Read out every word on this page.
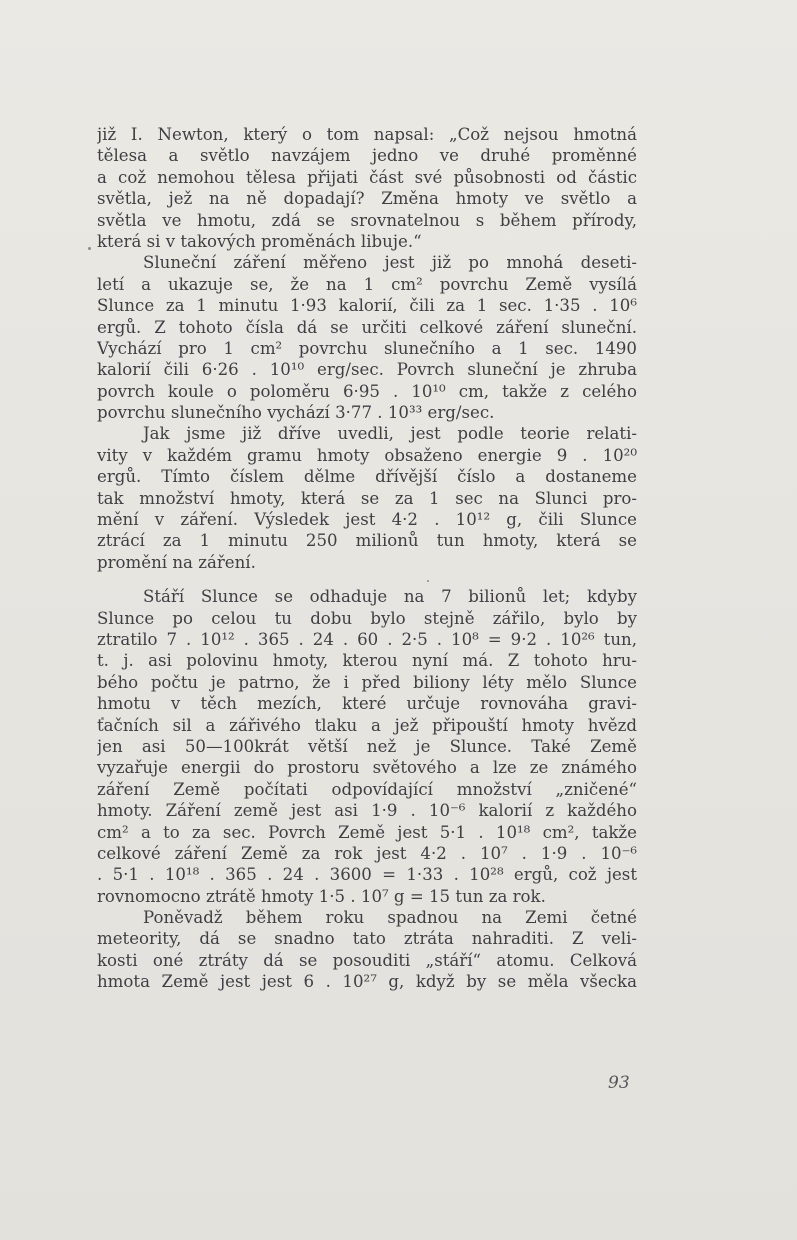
již I. Newton, který o tom napsal: „Což nejsou hmotná
tělesa a světlo navzájem jedno ve druhé proměnné
a což nemohou tělesa přijati část své působnosti od částic
světla, jež na ně dopadají? Změna hmoty ve světlo a
světla ve hmotu, zdá se srovnatelnou s během přírody,
která si v takových proměnách libuje.“
Sluneční záření měřeno jest již po mnohá deseti-
letí a ukazuje se, že na 1 cm² povrchu Země vysílá
Slunce za 1 minutu 1·93 kalorií, čili za 1 sec. 1·35 . 10⁶
ergů. Z tohoto čísla dá se určiti celkové záření sluneční.
Vychází pro 1 cm² povrchu slunečního a 1 sec. 1490
kalorií čili 6·26 . 10¹⁰ erg/sec. Povrch sluneční je zhruba
povrch koule o poloměru 6·95 . 10¹⁰ cm, takže z celého
povrchu slunečního vychází 3·77 . 10³³ erg/sec.
Jak jsme již dříve uvedli, jest podle teorie relati-
vity v každém gramu hmoty obsaženo energie 9 . 10²⁰
ergů. Tímto číslem dělme dřívější číslo a dostaneme
tak množství hmoty, která se za 1 sec na Slunci pro-
mění v záření. Výsledek jest 4·2 . 10¹² g, čili Slunce
ztrácí za 1 minutu 250 milionů tun hmoty, která se
promění na záření.
Stáří Slunce se odhaduje na 7 bilionů let; kdyby
Slunce po celou tu dobu bylo stejně zářilo, bylo by
ztratilo 7 . 10¹² . 365 . 24 . 60 . 2·5 . 10⁸ = 9·2 . 10²⁶ tun,
t. j. asi polovinu hmoty, kterou nyní má. Z tohoto hru-
bého počtu je patrno, že i před biliony léty mělo Slunce
hmotu v těch mezích, které určuje rovnováha gravi-
tačních sil a zářivého tlaku a jež připouští hmoty hvězd
jen asi 50—100krát větší než je Slunce. Také Země
vyzařuje energii do prostoru světového a lze ze známého
záření Země počítati odpovídající množství „zničené“
hmoty. Záření země jest asi 1·9 . 10⁻⁶ kalorií z každého
cm² a to za sec. Povrch Země jest 5·1 . 10¹⁸ cm², takže
celkové záření Země za rok jest 4·2 . 10⁷ . 1·9 . 10⁻⁶
. 5·1 . 10¹⁸ . 365 . 24 . 3600 = 1·33 . 10²⁸ ergů, což jest
rovnomocno ztrátě hmoty 1·5 . 10⁷ g = 15 tun za rok.
Poněvadž během roku spadnou na Zemi četné
meteority, dá se snadno tato ztráta nahraditi. Z veli-
kosti oné ztráty dá se posouditi „stáří“ atomu. Celková
hmota Země jest jest 6 . 10²⁷ g, když by se měla všecka
93
